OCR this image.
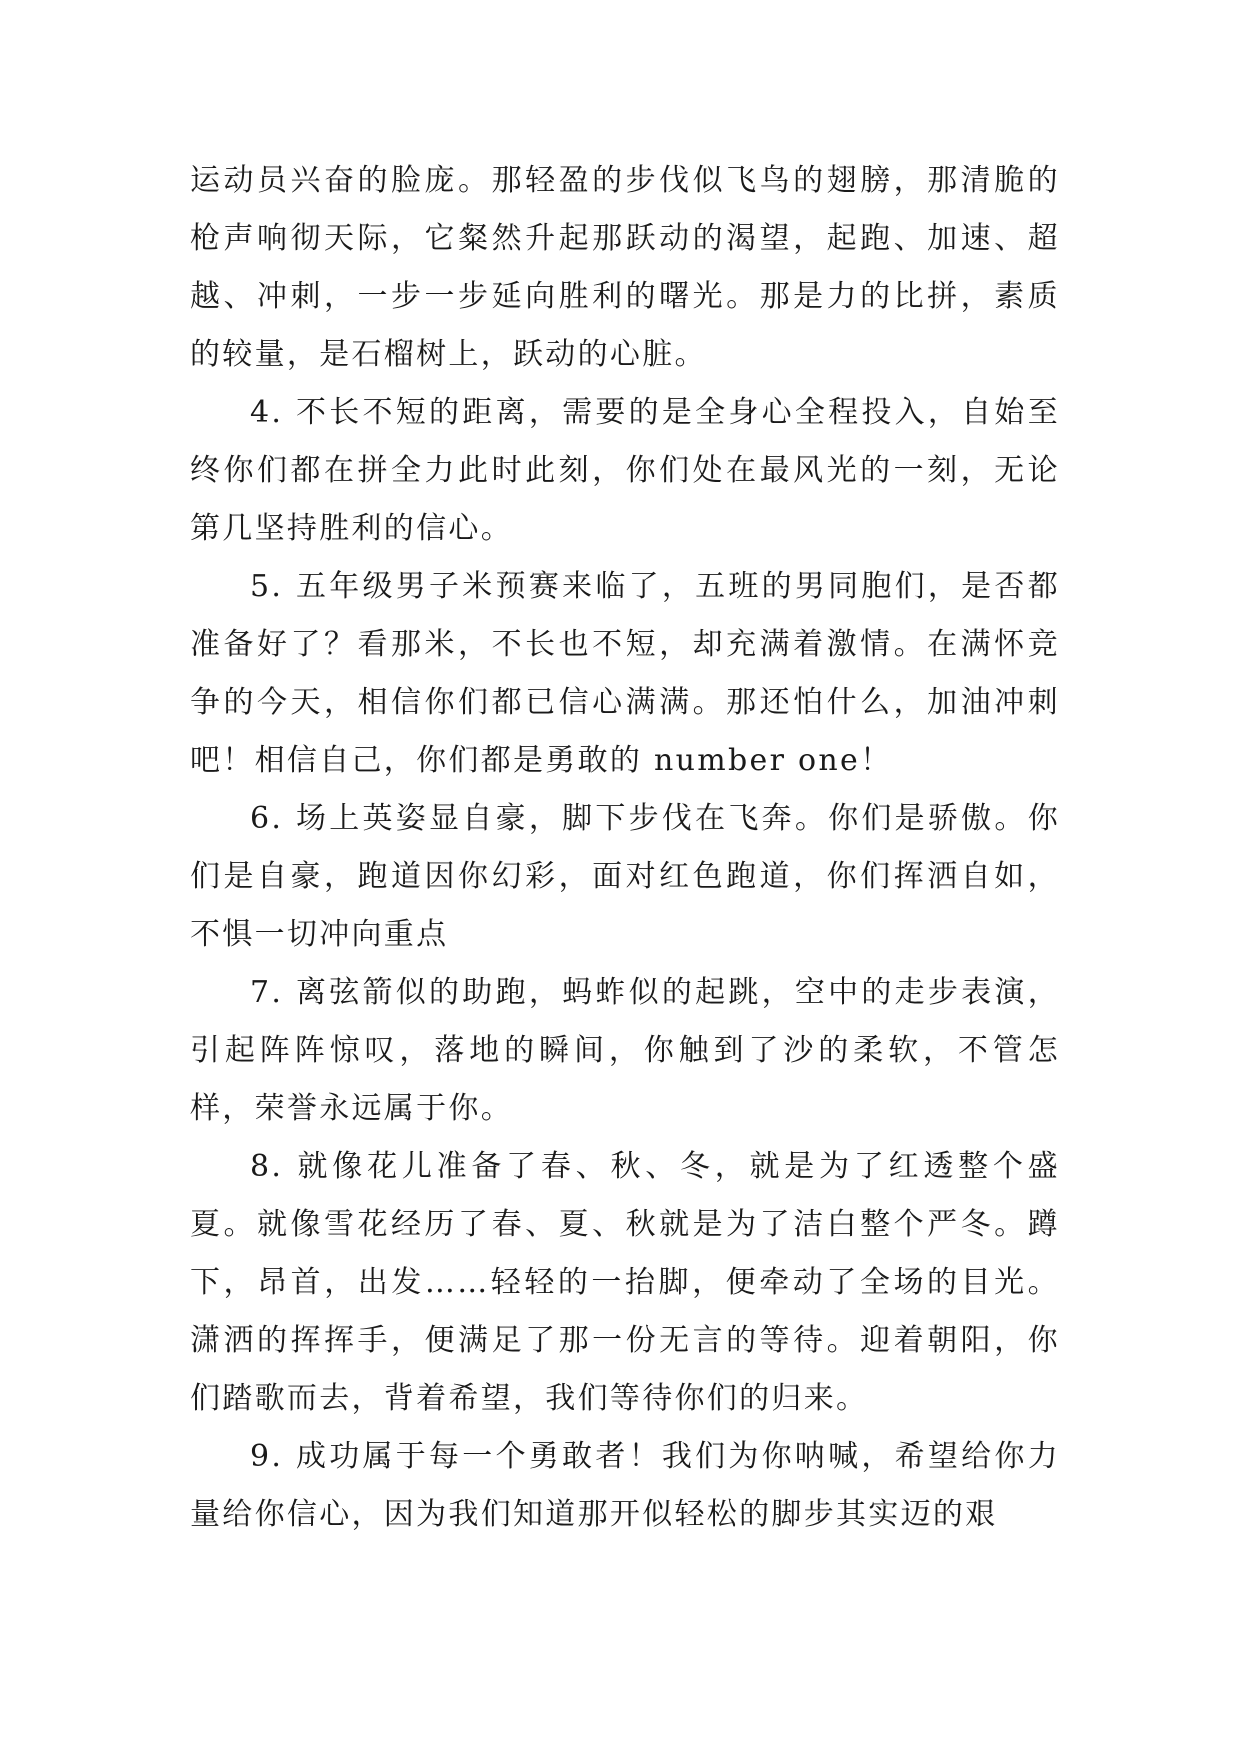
运动员兴奋的脸庞。那轻盈的步伐似飞鸟的翅膀，那清脆的枪声响彻天际，它粲然升起那跃动的渴望，起跑、加速、超越、冲刺，一步一步延向胜利的曙光。那是力的比拼，素质的较量，是石榴树上，跃动的心脏。

4. 不长不短的距离，需要的是全身心全程投入，自始至终你们都在拼全力此时此刻，你们处在最风光的一刻，无论第几坚持胜利的信心。

5. 五年级男子米预赛来临了，五班的男同胞们，是否都准备好了？看那米，不长也不短，却充满着激情。在满怀竞争的今天，相信你们都已信心满满。那还怕什么，加油冲刺吧！相信自己，你们都是勇敢的 number one！

6. 场上英姿显自豪，脚下步伐在飞奔。你们是骄傲。你们是自豪，跑道因你幻彩，面对红色跑道，你们挥洒自如，不惧一切冲向重点

7. 离弦箭似的助跑，蚂蚱似的起跳，空中的走步表演，引起阵阵惊叹，落地的瞬间，你触到了沙的柔软，不管怎样，荣誉永远属于你。

8. 就像花儿准备了春、秋、冬，就是为了红透整个盛夏。就像雪花经历了春、夏、秋就是为了洁白整个严冬。蹲下，昂首，出发……轻轻的一抬脚，便牵动了全场的目光。潇洒的挥挥手，便满足了那一份无言的等待。迎着朝阳，你们踏歌而去，背着希望，我们等待你们的归来。

9. 成功属于每一个勇敢者！我们为你呐喊，希望给你力量给你信心，因为我们知道那开似轻松的脚步其实迈的艰
